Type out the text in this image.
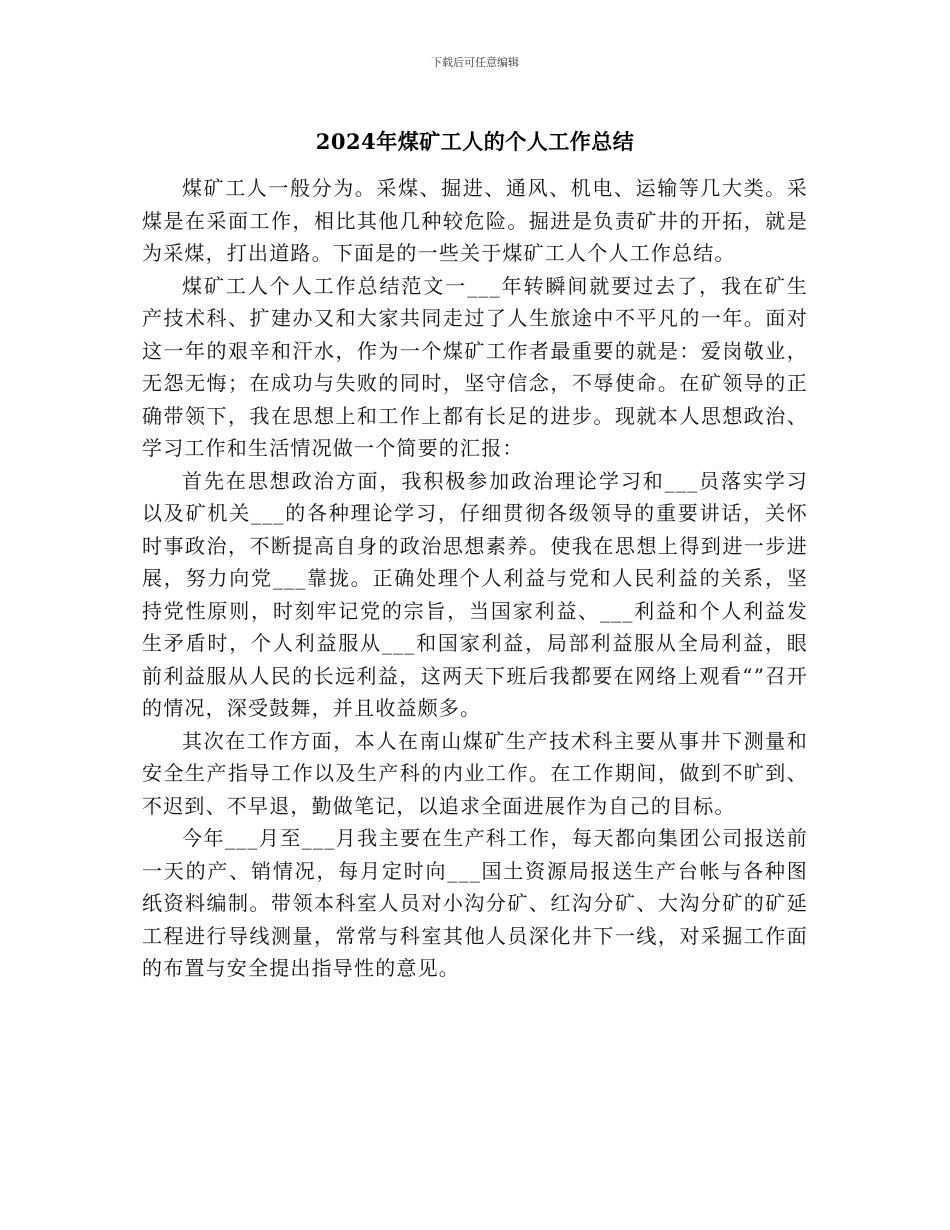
下载后可任意编辑
2024年煤矿工人的个人工作总结

煤矿工人一般分为。采煤、掘进、通风、机电、运输等几大类。采煤是在采面工作，相比其他几种较危险。掘进是负责矿井的开拓，就是为采煤，打出道路。下面是的一些关于煤矿工人个人工作总结。

煤矿工人个人工作总结范文一___年转瞬间就要过去了，我在矿生产技术科、扩建办又和大家共同走过了人生旅途中不平凡的一年。面对这一年的艰辛和汗水，作为一个煤矿工作者最重要的就是：爱岗敬业，无怨无悔；在成功与失败的同时，坚守信念，不辱使命。在矿领导的正确带领下，我在思想上和工作上都有长足的进步。现就本人思想政治、学习工作和生活情况做一个简要的汇报：

首先在思想政治方面，我积极参加政治理论学习和___员落实学习以及矿机关___的各种理论学习，仔细贯彻各级领导的重要讲话，关怀时事政治，不断提高自身的政治思想素养。使我在思想上得到进一步进展，努力向党___靠拢。正确处理个人利益与党和人民利益的关系，坚持党性原则，时刻牢记党的宗旨，当国家利益、___利益和个人利益发生矛盾时，个人利益服从___和国家利益，局部利益服从全局利益，眼前利益服从人民的长远利益，这两天下班后我都要在网络上观看“”召开的情况，深受鼓舞，并且收益颇多。

其次在工作方面，本人在南山煤矿生产技术科主要从事井下测量和安全生产指导工作以及生产科的内业工作。在工作期间，做到不旷到、不迟到、不早退，勤做笔记，以追求全面进展作为自己的目标。

今年___月至___月我主要在生产科工作，每天都向集团公司报送前一天的产、销情况，每月定时向___国土资源局报送生产台帐与各种图纸资料编制。带领本科室人员对小沟分矿、红沟分矿、大沟分矿的矿延工程进行导线测量，常常与科室其他人员深化井下一线，对采掘工作面的布置与安全提出指导性的意见。
